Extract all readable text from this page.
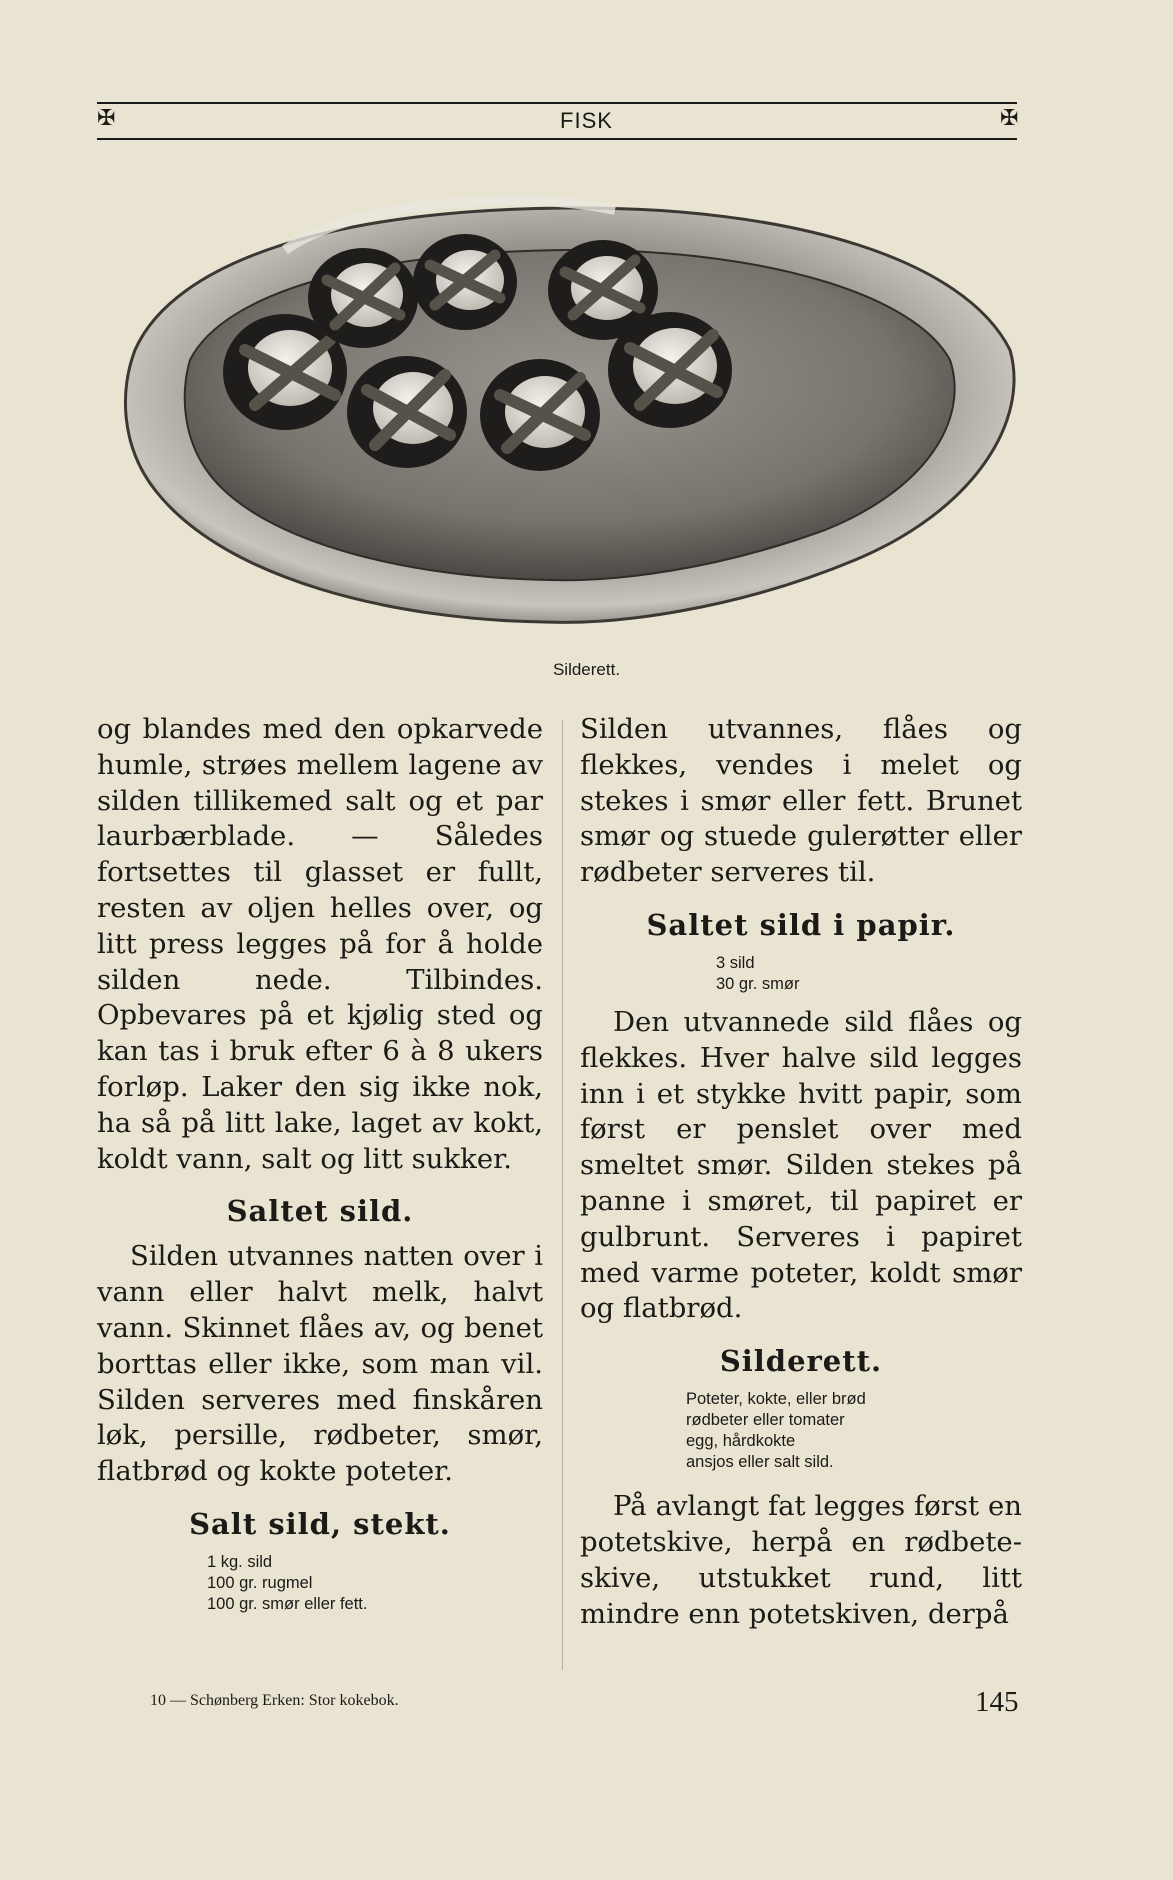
✠	FISK	✠
Silderett.

og blandes med den opkarvede humle, strøes mellem lagene av silden tillikemed salt og et par laurbærblade. — Således fortsettes til glasset er fullt, resten av oljen helles over, og litt press legges på for å holde silden nede. Tilbindes. Opbevares på et kjølig sted og kan tas i bruk efter 6 à 8 ukers forløp. Laker den sig ikke nok, ha så på litt lake, laget av kokt, koldt vann, salt og litt sukker.

Saltet sild.

Silden utvannes natten over i vann eller halvt melk, halvt vann. Skinnet flåes av, og benet borttas eller ikke, som man vil. Silden serveres med finskåren løk, persille, rødbeter, smør, flatbrød og kokte poteter.

Salt sild, stekt.
1 kg. sild
100 gr. rugmel
100 gr. smør eller fett.

Silden utvannes, flåes og flekkes, vendes i melet og stekes i smør eller fett. Brunet smør og stuede gulerøtter eller rødbeter serveres til.

Saltet sild i papir.
3 sild
30 gr. smør

Den utvannede sild flåes og flekkes. Hver halve sild legges inn i et stykke hvitt papir, som først er penslet over med smeltet smør. Silden stekes på panne i smøret, til papiret er gulbrunt. Serveres i papiret med varme poteter, koldt smør og flatbrød.

Silderett.
Poteter, kokte, eller brød
rødbeter eller tomater
egg, hårdkokte
ansjos eller salt sild.

På avlangt fat legges først en potetskive, herpå en rødbeteskive, utstukket rund, litt mindre enn potetskiven, derpå

10 — Schønberg Erken: Stor kokebok.	145
